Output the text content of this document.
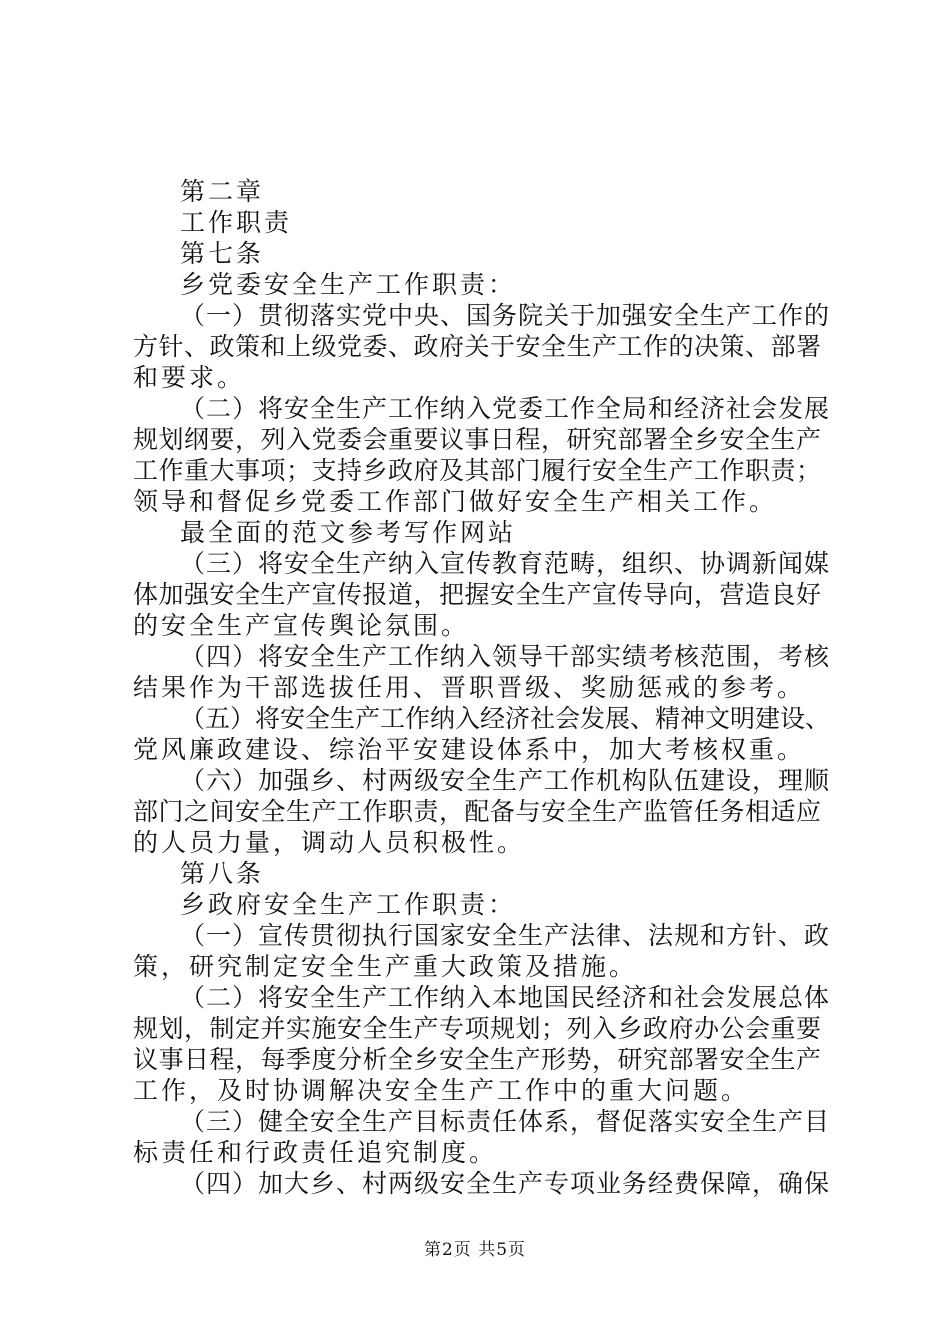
第二章
工作职责
第七条
乡党委安全生产工作职责：
（一）贯彻落实党中央、国务院关于加强安全生产工作的
方针、政策和上级党委、政府关于安全生产工作的决策、部署
和要求。
（二）将安全生产工作纳入党委工作全局和经济社会发展
规划纲要，列入党委会重要议事日程，研究部署全乡安全生产
工作重大事项；支持乡政府及其部门履行安全生产工作职责；
领导和督促乡党委工作部门做好安全生产相关工作。
最全面的范文参考写作网站
（三）将安全生产纳入宣传教育范畴，组织、协调新闻媒
体加强安全生产宣传报道，把握安全生产宣传导向，营造良好
的安全生产宣传舆论氛围。
（四）将安全生产工作纳入领导干部实绩考核范围，考核
结果作为干部选拔任用、晋职晋级、奖励惩戒的参考。
（五）将安全生产工作纳入经济社会发展、精神文明建设、
党风廉政建设、综治平安建设体系中，加大考核权重。
（六）加强乡、村两级安全生产工作机构队伍建设，理顺
部门之间安全生产工作职责，配备与安全生产监管任务相适应
的人员力量，调动人员积极性。
第八条
乡政府安全生产工作职责：
（一）宣传贯彻执行国家安全生产法律、法规和方针、政
策，研究制定安全生产重大政策及措施。
（二）将安全生产工作纳入本地国民经济和社会发展总体
规划，制定并实施安全生产专项规划；列入乡政府办公会重要
议事日程，每季度分析全乡安全生产形势，研究部署安全生产
工作，及时协调解决安全生产工作中的重大问题。
（三）健全安全生产目标责任体系，督促落实安全生产目
标责任和行政责任追究制度。
（四）加大乡、村两级安全生产专项业务经费保障，确保
第2页 共5页
